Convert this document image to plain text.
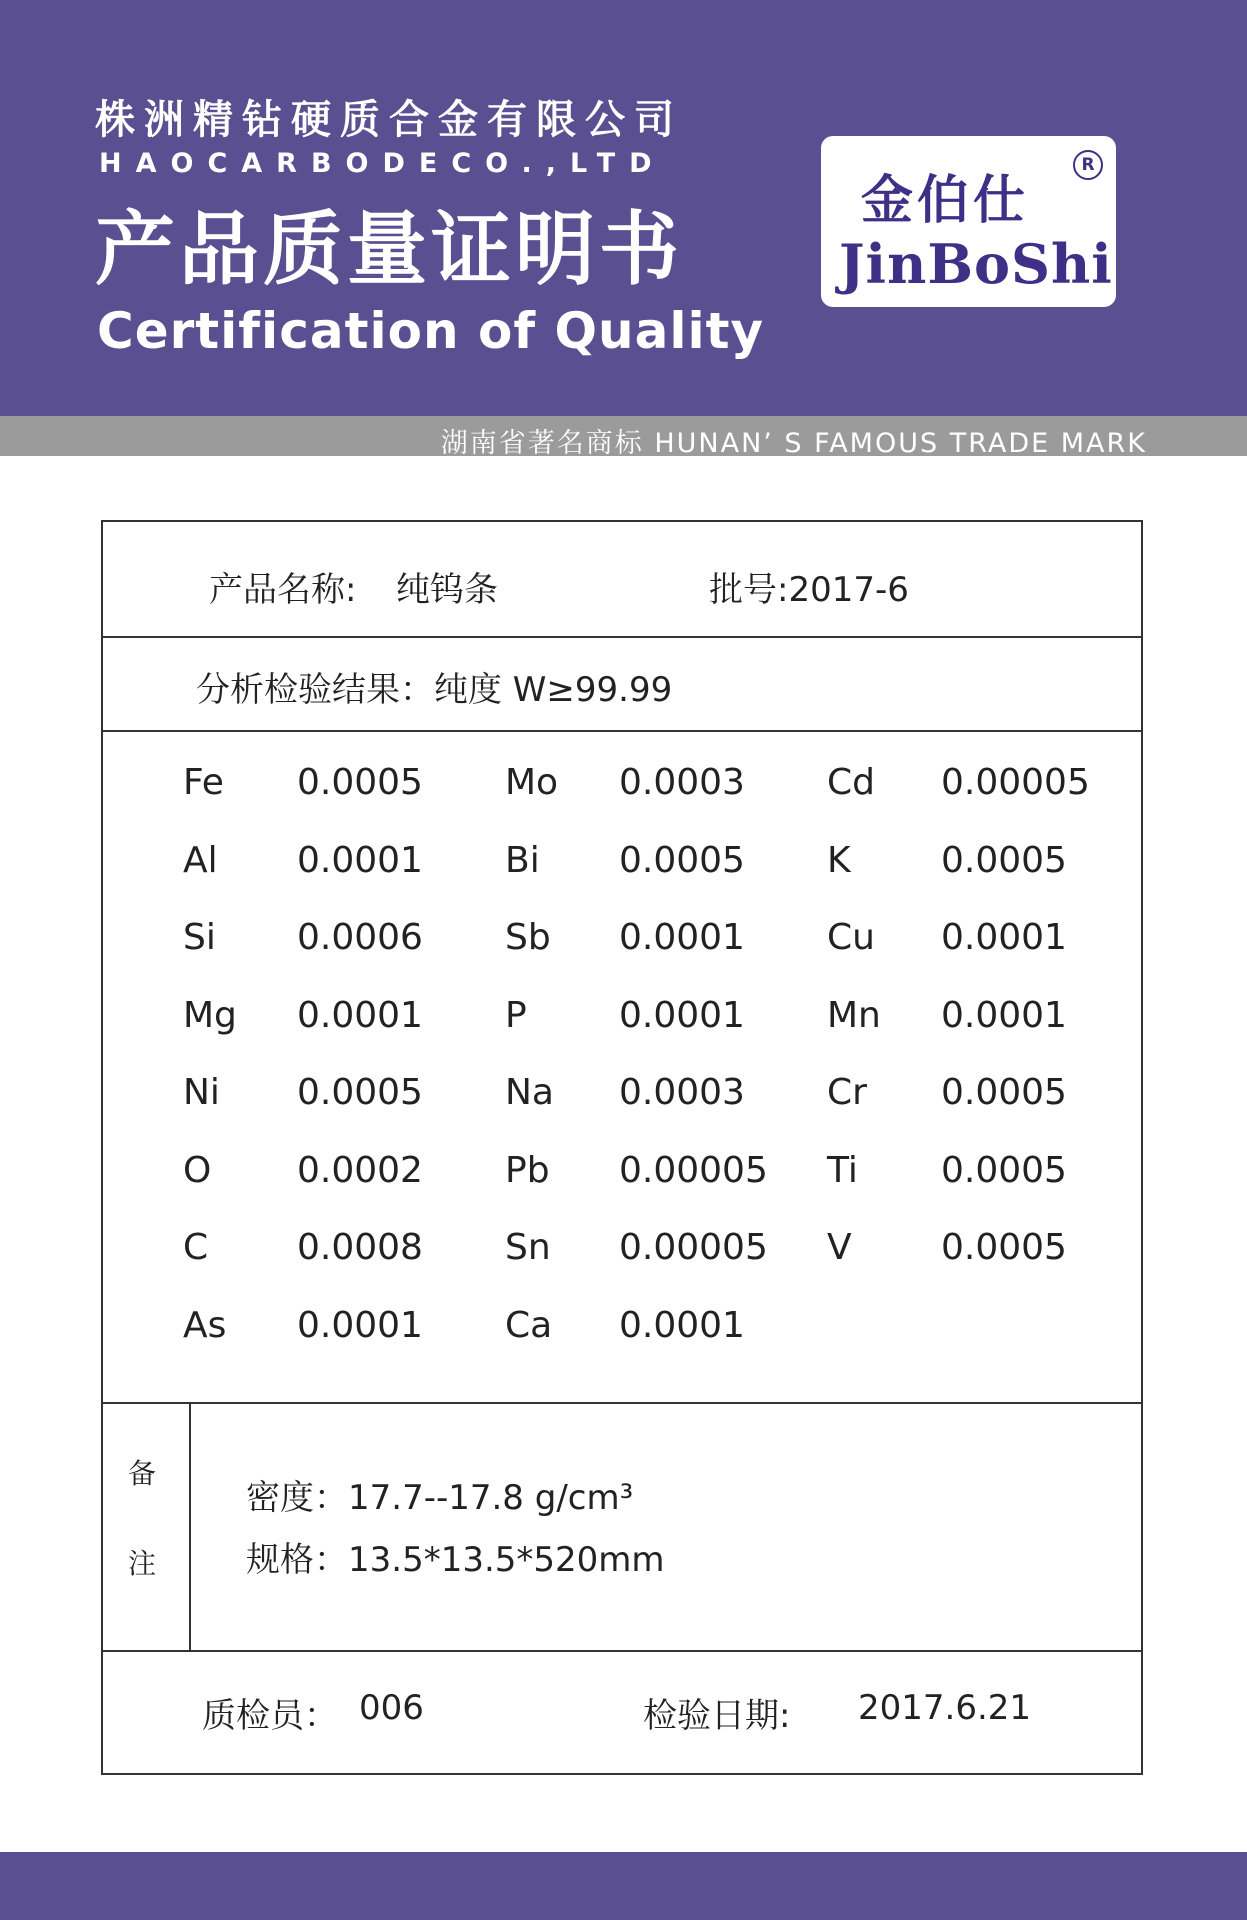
株洲精钻硬质合金有限公司
HAOCARBODECO.,LTD
产品质量证明书
Certification of Quality
金伯仕
R
JinBoShi
湖南省著名商标 HUNAN’ S FAMOUS TRADE MARK
产品名称: 纯钨条	批号:2017-6
分析检验结果：纯度 W≥99.99
Fe 0.0005 Mo 0.0003 Cd 0.00005
Al 0.0001 Bi 0.0005 K	0.0005
Si 0.0006 Sb 0.0001 Cu 0.0001
Mg 0.0001 P	0.0001 Mn 0.0001
Ni 0.0005 Na 0.0003 Cr 0.0005
O 0.0002 Pb 0.00005 Ti 0.0005
C 0.0008 Sn 0.00005 V 0.0005
As 0.0001 Ca 0.0001
备
注
密度：17.7--17.8 g/cm³
规格：13.5*13.5*520mm
质检员： 006	检验日期: 2017.6.21
